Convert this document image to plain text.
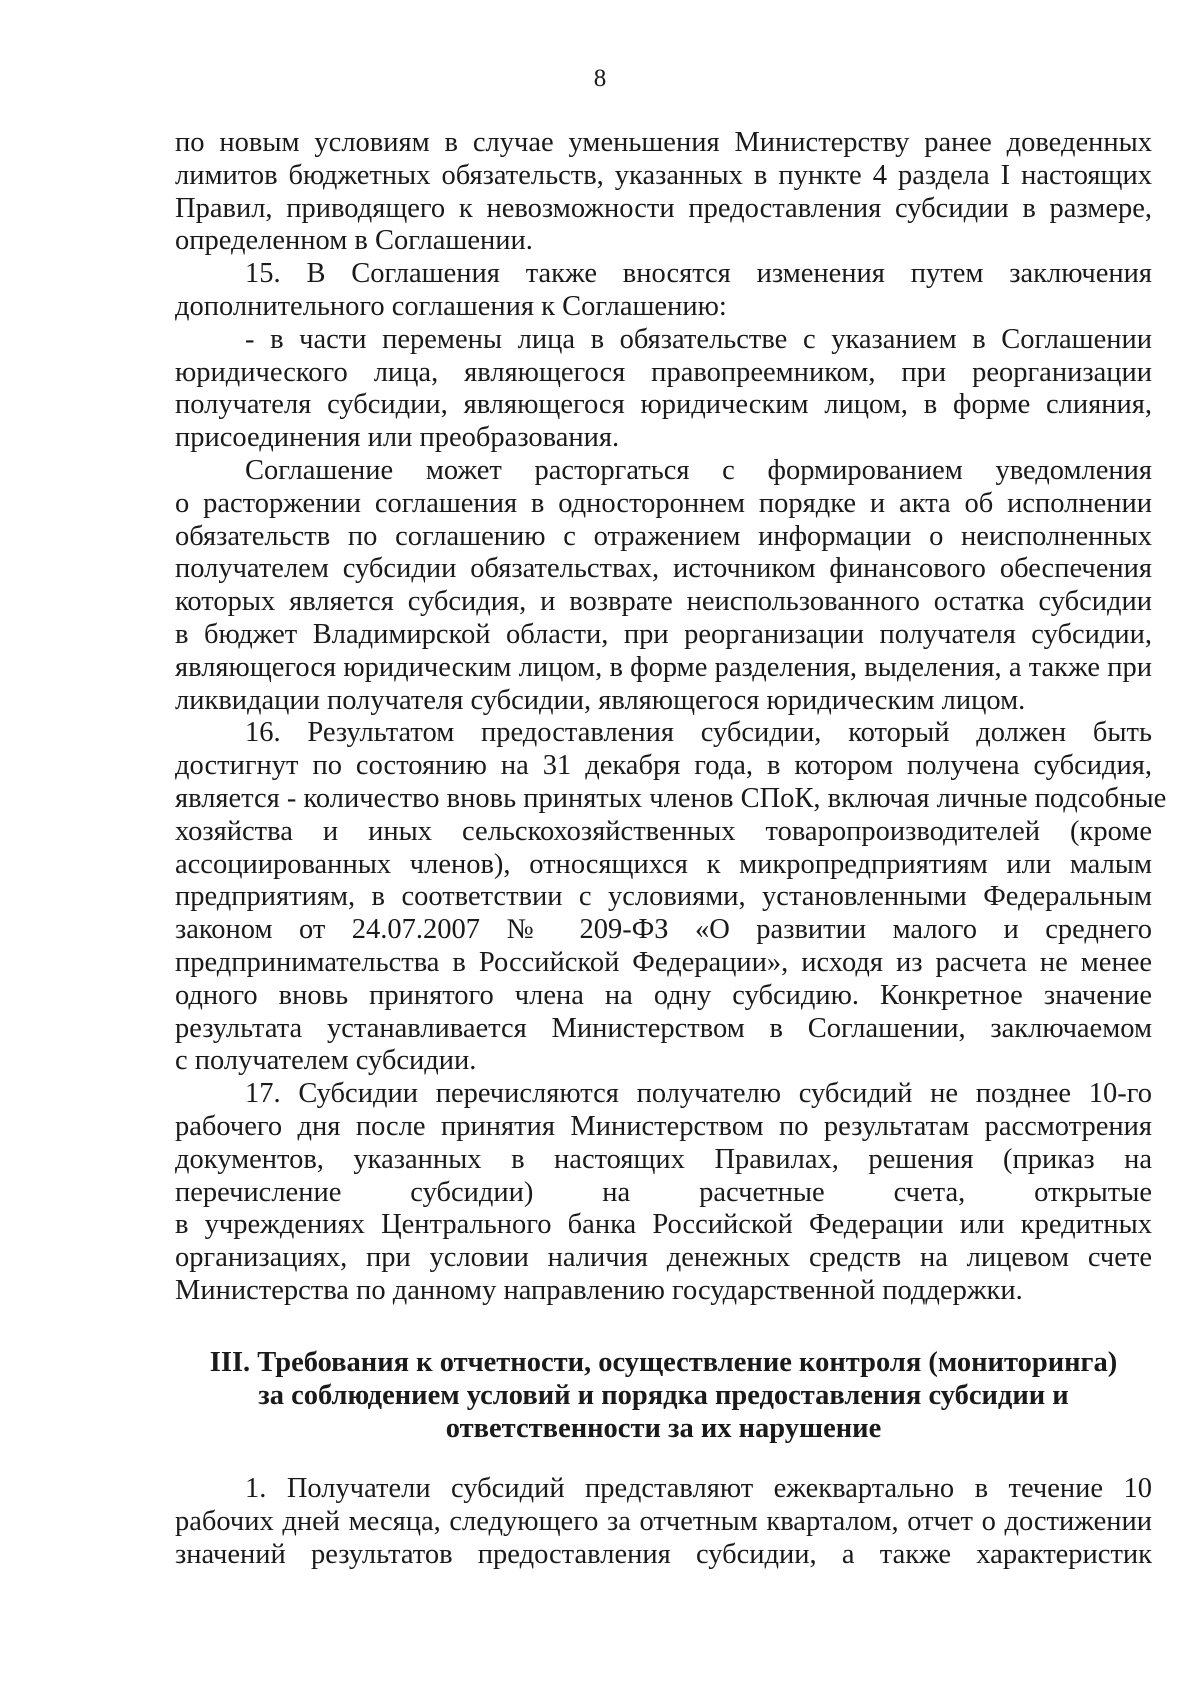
8
по новым условиям в случае уменьшения Министерству ранее доведенных
лимитов бюджетных обязательств, указанных в пункте 4 раздела I настоящих
Правил, приводящего к невозможности предоставления субсидии в размере,
определенном в Соглашении.
15. В Соглашения также вносятся изменения путем заключения
дополнительного соглашения к Соглашению:
- в части перемены лица в обязательстве с указанием в Соглашении
юридического лица, являющегося правопреемником, при реорганизации
получателя субсидии, являющегося юридическим лицом, в форме слияния,
присоединения или преобразования.
Соглашение может расторгаться с формированием уведомления
о расторжении соглашения в одностороннем порядке и акта об исполнении
обязательств по соглашению с отражением информации о неисполненных
получателем субсидии обязательствах, источником финансового обеспечения
которых является субсидия, и возврате неиспользованного остатка субсидии
в бюджет Владимирской области, при реорганизации получателя субсидии,
являющегося юридическим лицом, в форме разделения, выделения, а также при
ликвидации получателя субсидии, являющегося юридическим лицом.
16. Результатом предоставления субсидии, который должен быть
достигнут по состоянию на 31 декабря года, в котором получена субсидия,
является - количество вновь принятых членов СПоК, включая личные подсобные
хозяйства и иных сельскохозяйственных товаропроизводителей (кроме
ассоциированных членов), относящихся к микропредприятиям или малым
предприятиям, в соответствии с условиями, установленными Федеральным
законом от 24.07.2007 № 209-ФЗ «О развитии малого и среднего
предпринимательства в Российской Федерации», исходя из расчета не менее
одного вновь принятого члена на одну субсидию. Конкретное значение
результата устанавливается Министерством в Соглашении, заключаемом
с получателем субсидии.
17. Субсидии перечисляются получателю субсидий не позднее 10-го
рабочего дня после принятия Министерством по результатам рассмотрения
документов, указанных в настоящих Правилах, решения (приказ на
перечисление субсидии) на расчетные счета, открытые
в учреждениях Центрального банка Российской Федерации или кредитных
организациях, при условии наличия денежных средств на лицевом счете
Министерства по данному направлению государственной поддержки.
III. Требования к отчетности, осуществление контроля (мониторинга)
за соблюдением условий и порядка предоставления субсидии и
ответственности за их нарушение
1. Получатели субсидий представляют ежеквартально в течение 10
рабочих дней месяца, следующего за отчетным кварталом, отчет о достижении
значений результатов предоставления субсидии, а также характеристик
